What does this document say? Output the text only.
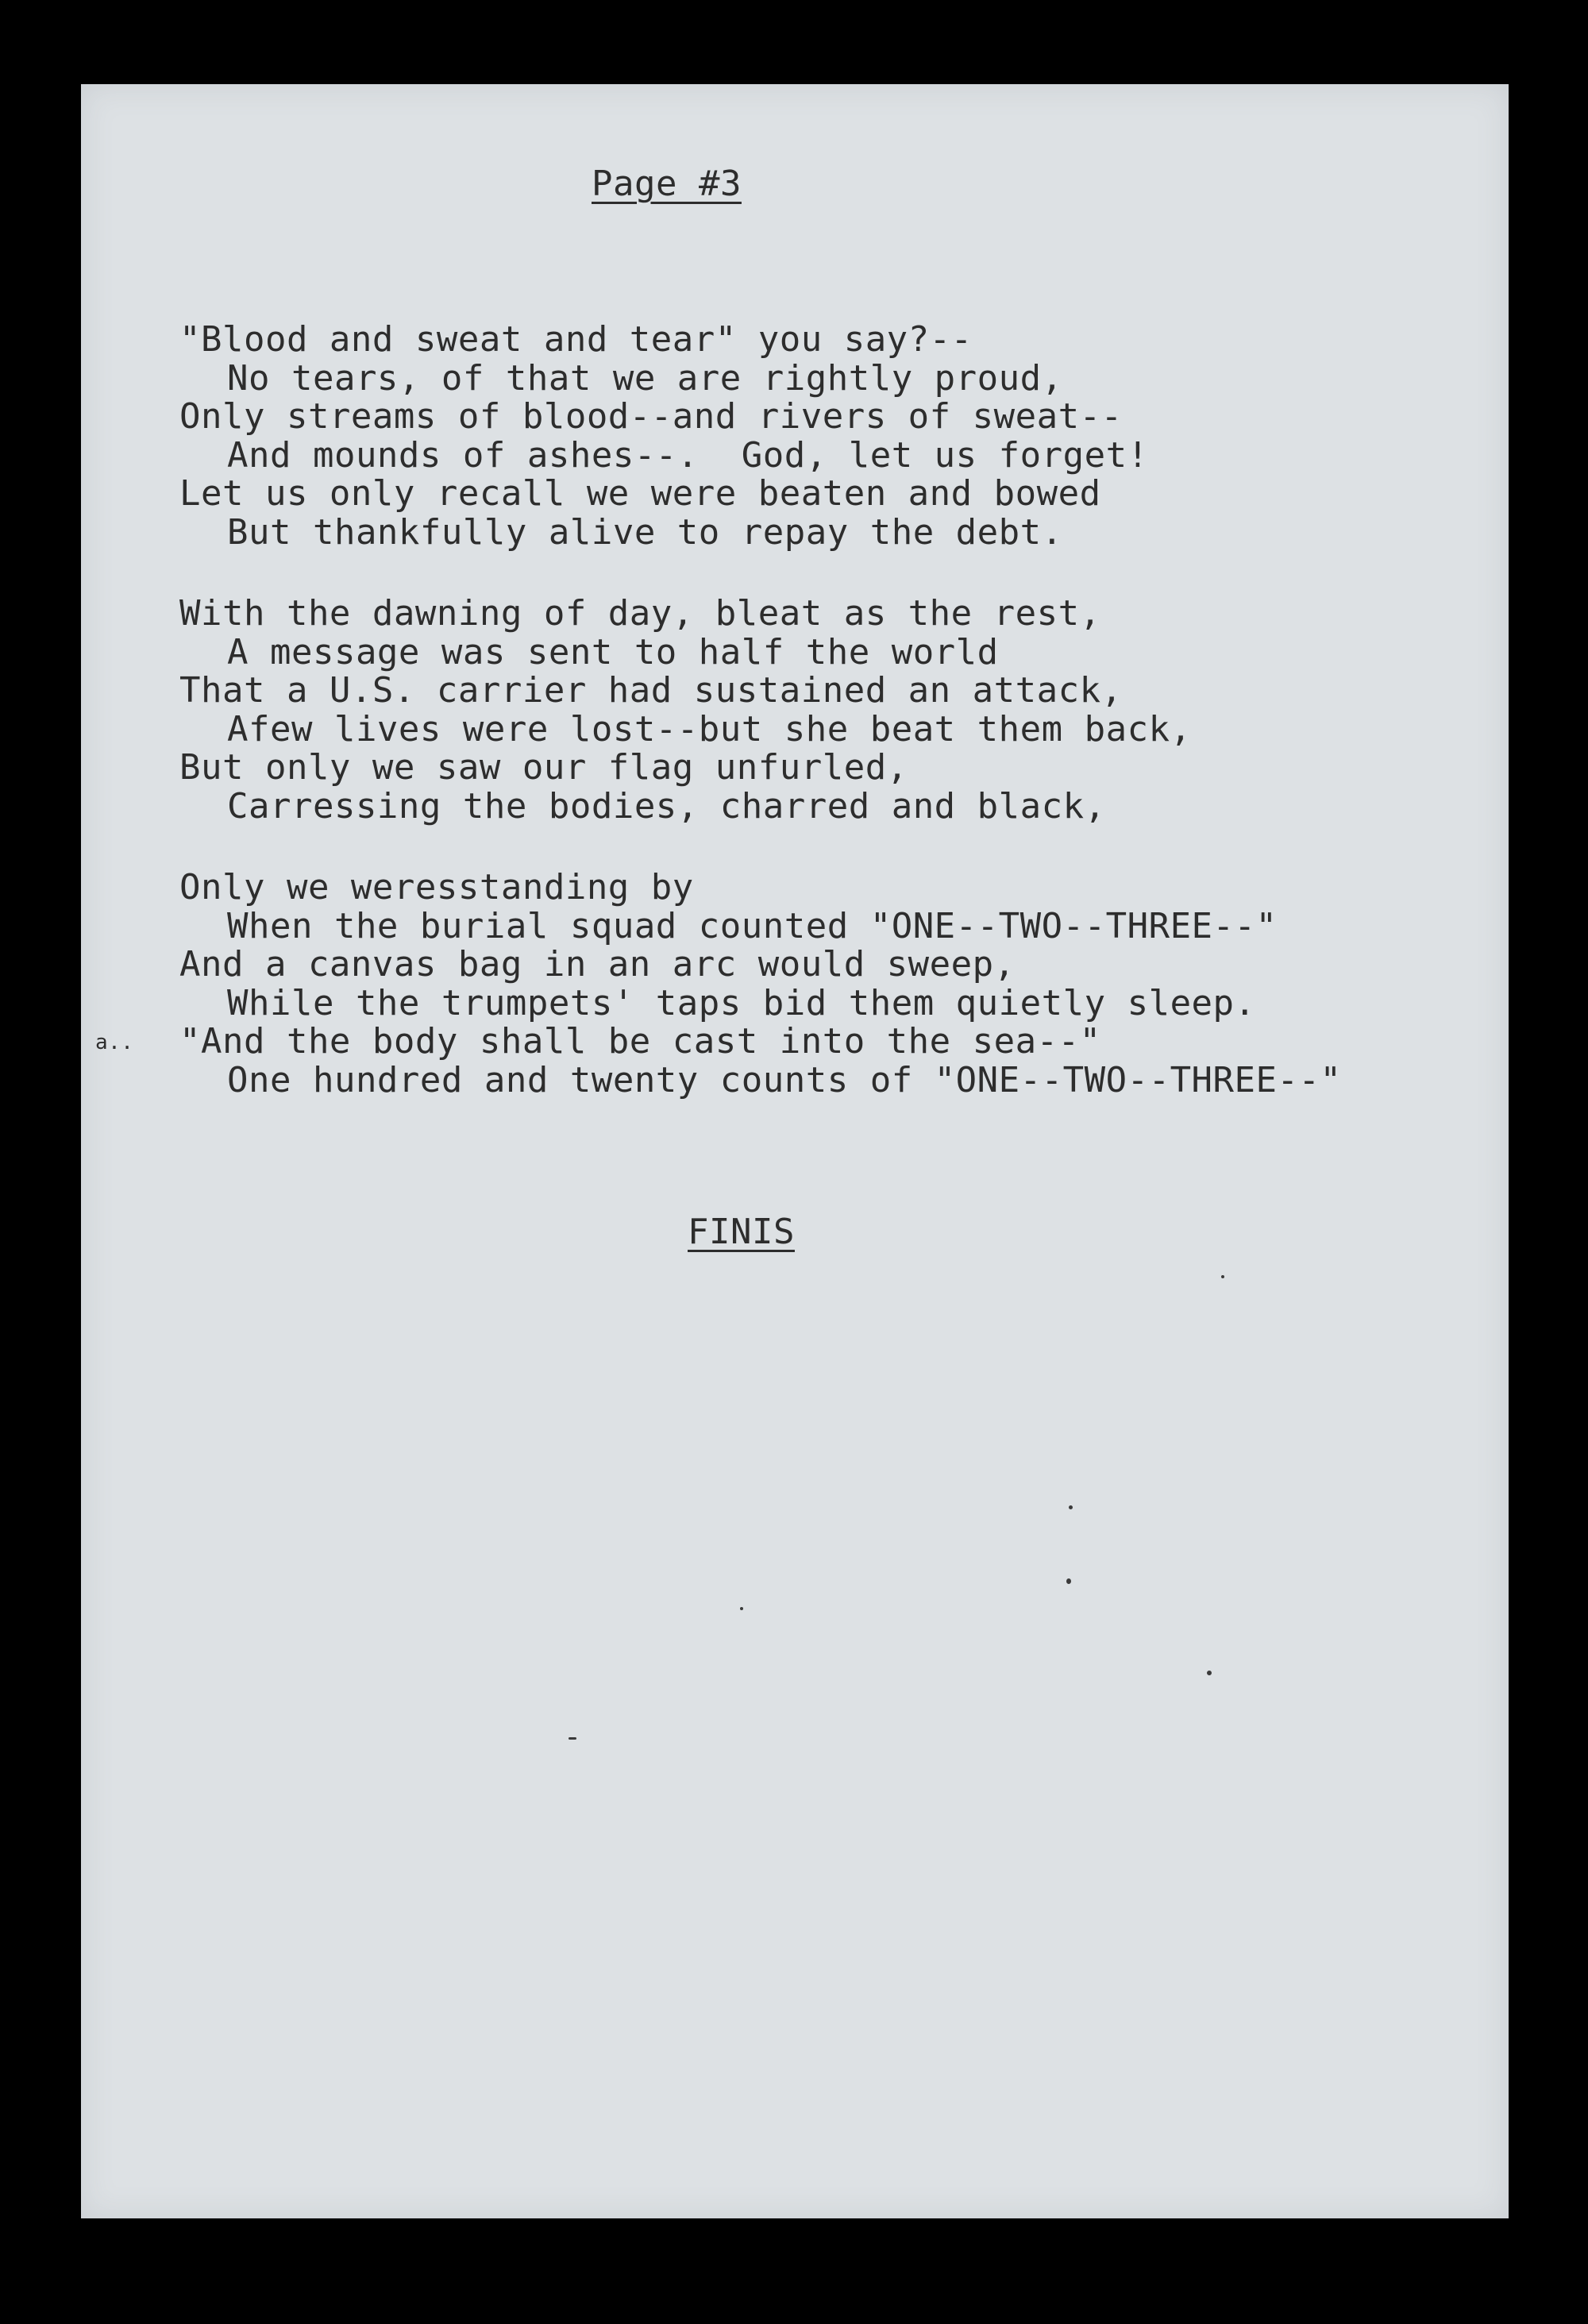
Page #3
"Blood and sweat and tear" you say?--
No tears, of that we are rightly proud,
Only streams of blood--and rivers of sweat--
And mounds of ashes--.  God, let us forget!
Let us only recall we were beaten and bowed
But thankfully alive to repay the debt.
With the dawning of day, bleat as the rest,
A message was sent to half the world
That a U.S. carrier had sustained an attack,
Afew lives were lost--but she beat them back,
But only we saw our flag unfurled,
Carressing the bodies, charred and black,
Only we weresstanding by
When the burial squad counted "ONE--TWO--THREE--"
And a canvas bag in an arc would sweep,
While the trumpets' taps bid them quietly sleep.
"And the body shall be cast into the sea--"
One hundred and twenty counts of "ONE--TWO--THREE--"
a..
FINIS
